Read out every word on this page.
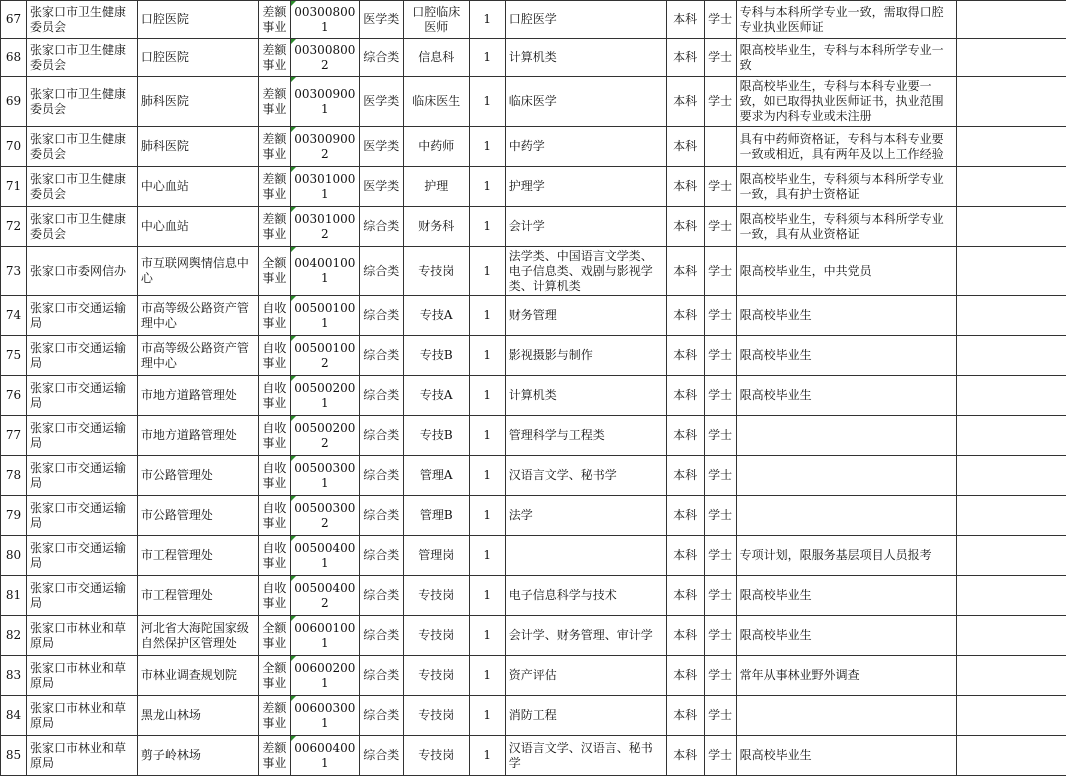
67	张家口市卫生健康委员会	口腔医院	差额事业	003008001	医学类	口腔临床医师	1	口腔医学	本科	学士	专科与本科所学专业一致，需取得口腔专业执业医师证	
68	张家口市卫生健康委员会	口腔医院	差额事业	003008002	综合类	信息科	1	计算机类	本科	学士	限高校毕业生，专科与本科所学专业一致	
69	张家口市卫生健康委员会	肺科医院	差额事业	003009001	医学类	临床医生	1	临床医学	本科	学士	限高校毕业生，专科与本科专业要一致，如已取得执业医师证书，执业范围要求为内科专业或未注册	
70	张家口市卫生健康委员会	肺科医院	差额事业	003009002	医学类	中药师	1	中药学	本科		具有中药师资格证，专科与本科专业要一致或相近，具有两年及以上工作经验	
71	张家口市卫生健康委员会	中心血站	差额事业	003010001	医学类	护理	1	护理学	本科	学士	限高校毕业生，专科须与本科所学专业一致，具有护士资格证	
72	张家口市卫生健康委员会	中心血站	差额事业	003010002	综合类	财务科	1	会计学	本科	学士	限高校毕业生，专科须与本科所学专业一致，具有从业资格证	
73	张家口市委网信办	市互联网舆情信息中心	全额事业	004001001	综合类	专技岗	1	法学类、中国语言文学类、电子信息类、戏剧与影视学类、计算机类	本科	学士	限高校毕业生，中共党员	
74	张家口市交通运输局	市高等级公路资产管理中心	自收事业	005001001	综合类	专技A	1	财务管理	本科	学士	限高校毕业生	
75	张家口市交通运输局	市高等级公路资产管理中心	自收事业	005001002	综合类	专技B	1	影视摄影与制作	本科	学士	限高校毕业生	
76	张家口市交通运输局	市地方道路管理处	自收事业	005002001	综合类	专技A	1	计算机类	本科	学士	限高校毕业生	
77	张家口市交通运输局	市地方道路管理处	自收事业	005002002	综合类	专技B	1	管理科学与工程类	本科	学士		
78	张家口市交通运输局	市公路管理处	自收事业	005003001	综合类	管理A	1	汉语言文学、秘书学	本科	学士		
79	张家口市交通运输局	市公路管理处	自收事业	005003002	综合类	管理B	1	法学	本科	学士		
80	张家口市交通运输局	市工程管理处	自收事业	005004001	综合类	管理岗	1		本科	学士	专项计划，限服务基层项目人员报考	
81	张家口市交通运输局	市工程管理处	自收事业	005004002	综合类	专技岗	1	电子信息科学与技术	本科	学士	限高校毕业生	
82	张家口市林业和草原局	河北省大海陀国家级自然保护区管理处	全额事业	006001001	综合类	专技岗	1	会计学、财务管理、审计学	本科	学士	限高校毕业生	
83	张家口市林业和草原局	市林业调查规划院	全额事业	006002001	综合类	专技岗	1	资产评估	本科	学士	常年从事林业野外调查	
84	张家口市林业和草原局	黑龙山林场	差额事业	006003001	综合类	专技岗	1	消防工程	本科	学士		
85	张家口市林业和草原局	剪子岭林场	差额事业	006004001	综合类	专技岗	1	汉语言文学、汉语言、秘书学	本科	学士	限高校毕业生	
